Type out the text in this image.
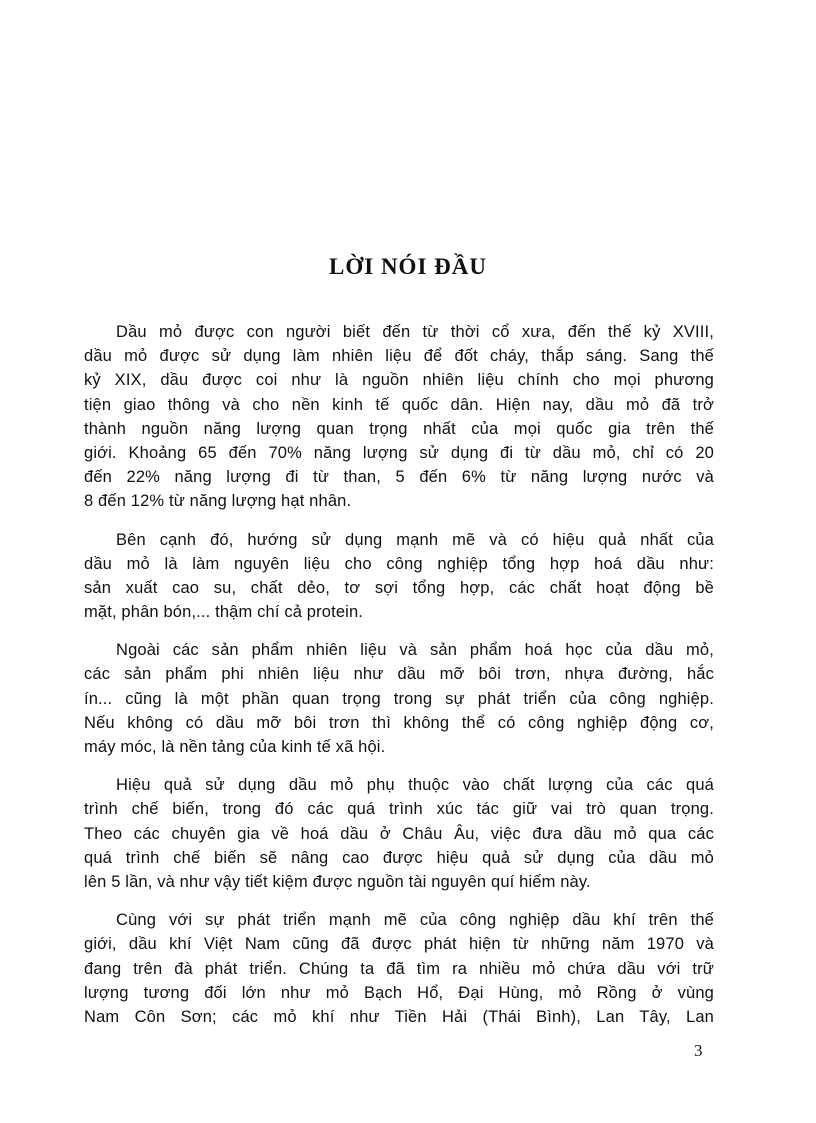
LỜI NÓI ĐẦU

Dầu mỏ được con người biết đến từ thời cổ xưa, đến thế kỷ XVIII,
dầu mỏ được sử dụng làm nhiên liệu để đốt cháy, thắp sáng. Sang thế
kỷ XIX, dầu được coi như là nguồn nhiên liệu chính cho mọi phương
tiện giao thông và cho nền kinh tế quốc dân. Hiện nay, dầu mỏ đã trở
thành nguồn năng lượng quan trọng nhất của mọi quốc gia trên thế
giới. Khoảng 65 đến 70% năng lượng sử dụng đi từ dầu mỏ, chỉ có 20
đến 22% năng lượng đi từ than, 5 đến 6% từ năng lượng nước và
8 đến 12% từ năng lượng hạt nhân.

Bên cạnh đó, hướng sử dụng mạnh mẽ và có hiệu quả nhất của
dầu mỏ là làm nguyên liệu cho công nghiệp tổng hợp hoá dầu như:
sản xuất cao su, chất dẻo, tơ sợi tổng hợp, các chất hoạt động bề
mặt, phân bón,... thậm chí cả protein.

Ngoài các sản phẩm nhiên liệu và sản phẩm hoá học của dầu mỏ,
các sản phẩm phi nhiên liệu như dầu mỡ bôi trơn, nhựa đường, hắc
ín... cũng là một phần quan trọng trong sự phát triển của công nghiệp.
Nếu không có dầu mỡ bôi trơn thì không thể có công nghiệp động cơ,
máy móc, là nền tảng của kinh tế xã hội.

Hiệu quả sử dụng dầu mỏ phụ thuộc vào chất lượng của các quá
trình chế biến, trong đó các quá trình xúc tác giữ vai trò quan trọng.
Theo các chuyên gia về hoá dầu ở Châu Âu, việc đưa dầu mỏ qua các
quá trình chế biến sẽ nâng cao được hiệu quả sử dụng của dầu mỏ
lên 5 lần, và như vậy tiết kiệm được nguồn tài nguyên quí hiếm này.

Cùng với sự phát triển mạnh mẽ của công nghiệp dầu khí trên thế
giới, dầu khí Việt Nam cũng đã được phát hiện từ những năm 1970 và
đang trên đà phát triển. Chúng ta đã tìm ra nhiều mỏ chứa dầu với trữ
lượng tương đối lớn như mỏ Bạch Hổ, Đại Hùng, mỏ Rồng ở vùng
Nam Côn Sơn; các mỏ khí như Tiền Hải (Thái Bình), Lan Tây, Lan

3
